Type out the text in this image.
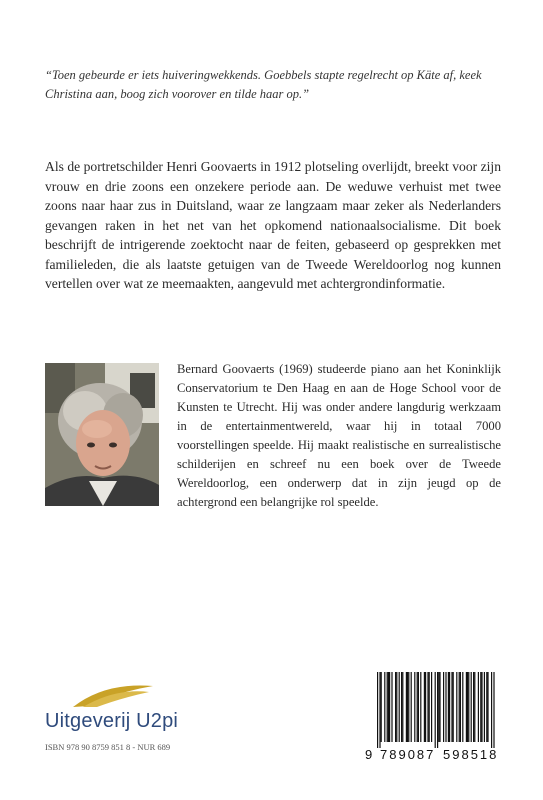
“Toen gebeurde er iets huiveringwekkends. Goebbels stapte regelrecht op Käte af, keek Christina aan, boog zich voorover en tilde haar op.”
Als de portretschilder Henri Goovaerts in 1912 plotseling overlijdt, breekt voor zijn vrouw en drie zoons een onzekere periode aan. De weduwe verhuist met twee zoons naar haar zus in Duitsland, waar ze langzaam maar zeker als Nederlanders gevangen raken in het net van het opkomend nationaalsocialisme. Dit boek beschrijft de intrigerende zoektocht naar de feiten, gebaseerd op gesprekken met familieleden, die als laatste getuigen van de Tweede Wereldoorlog nog kunnen vertellen over wat ze meemaakten, aangevuld met achtergrondinformatie.
Bernard Goovaerts (1969) studeerde piano aan het Koninklijk Conservatorium te Den Haag en aan de Hoge School voor de Kunsten te Utrecht. Hij was onder andere langdurig werkzaam in de entertainmentwereld, waar hij in totaal 7000 voorstellingen speelde. Hij maakt realistische en surrealistische schilderijen en schreef nu een boek over de Tweede Wereldoorlog, een onderwerp dat in zijn jeugd op de achtergrond een belangrijke rol speelde.
Uitgeverij U2pi
ISBN 978 90 8759 851 8 - NUR 689	9 789087 598518
